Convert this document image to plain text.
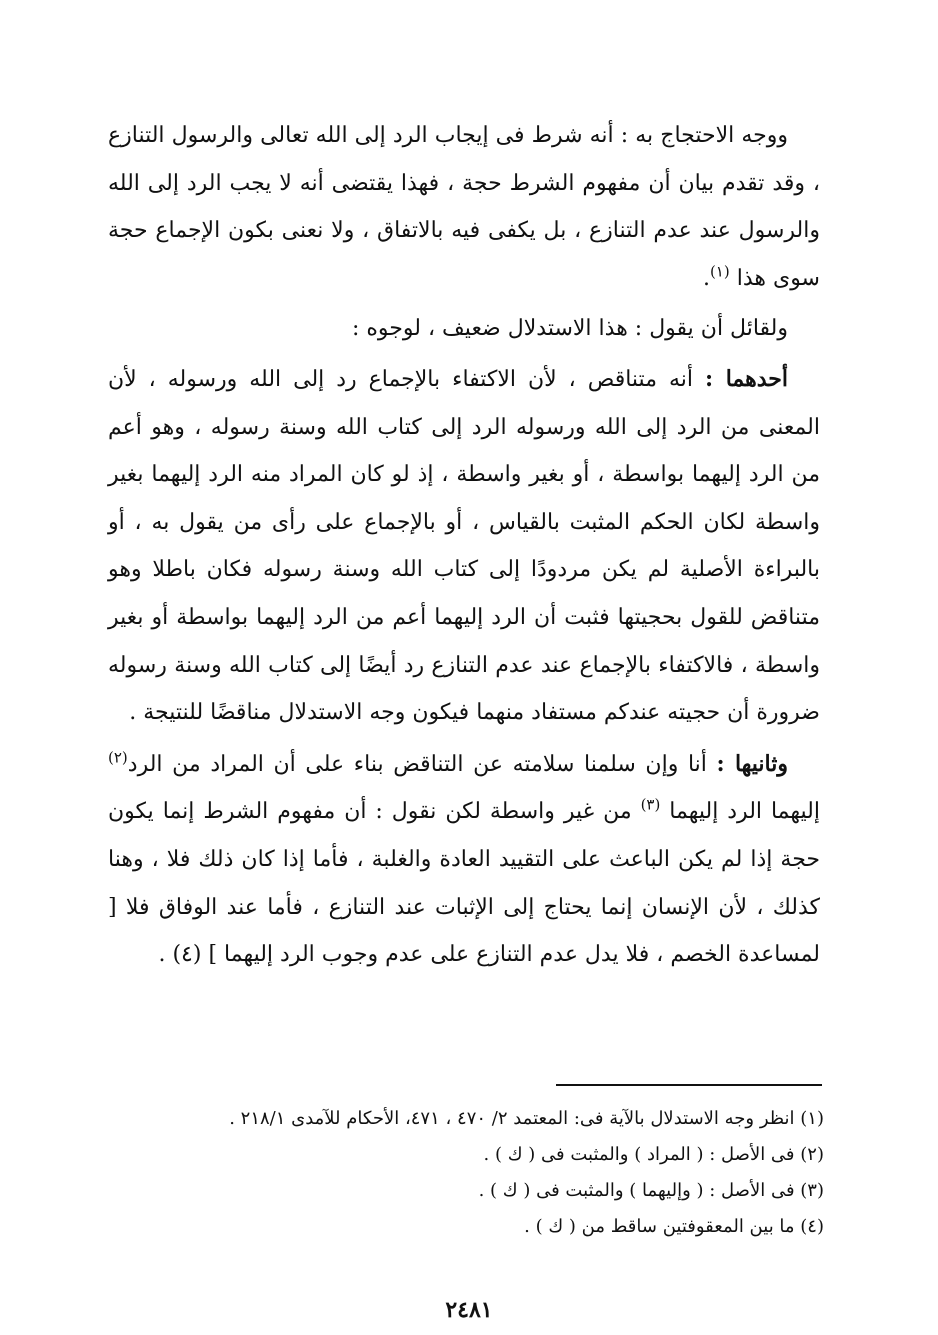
ووجه الاحتجاج به : أنه شرط فى إيجاب الرد إلى الله تعالى والرسول التنازع ، وقد تقدم بيان أن مفهوم الشرط حجة ، فهذا يقتضى أنه لا يجب الرد إلى الله والرسول عند عدم التنازع ، بل يكفى فيه بالاتفاق ، ولا نعنى بكون الإجماع حجة سوى هذا $^{(١)}$.

ولقائل أن يقول : هذا الاستدلال ضعيف ، لوجوه :

أحدهما : أنه متناقص ، لأن الاكتفاء بالإجماع رد إلى الله ورسوله ، لأن المعنى من الرد إلى الله ورسوله الرد إلى كتاب الله وسنة رسوله ، وهو أعم من الرد إليهما بواسطة ، أو بغير واسطة ، إذ لو كان المراد منه الرد إليهما بغير واسطة لكان الحكم المثبت بالقياس ، أو بالإجماع على رأى من يقول به ، أو بالبراءة الأصلية لم يكن مردودًا إلى كتاب الله وسنة رسوله فكان باطلا وهو متناقض للقول بحجيتها فثبت أن الرد إليهما أعم من الرد إليهما بواسطة أو بغير واسطة ، فالاكتفاء بالإجماع عند عدم التنازع رد أيضًا إلى كتاب الله وسنة رسوله ضرورة أن حجيته عندكم مستفاد منهما فيكون وجه الاستدلال مناقضًا للنتيجة .

وثانيها : أنا وإن سلمنا سلامته عن التناقض بناء على أن المراد من الرد$^{(٢)}$ إليهما الرد إليهما $^{(٣)}$ من غير واسطة لكن نقول : أن مفهوم الشرط إنما يكون حجة إذا لم يكن الباعث على التقييد العادة والغلبة ، فأما إذا كان ذلك فلا ، وهنا كذلك ، لأن الإنسان إنما يحتاج إلى الإثبات عند التنازع ، فأما عند الوفاق فلا [ لمساعدة الخصم ، فلا يدل عدم التنازع على عدم وجوب الرد إليهما ] (٤) .

(١) انظر وجه الاستدلال بالآية فى: المعتمد ٢/ ٤٧٠ ، ٤٧١، الأحكام للآمدى ٢١٨/١ .

(٢) فى الأصل : ( المراد ) والمثبت فى ( ك ) .

(٣) فى الأصل : ( وإليهما ) والمثبت فى ( ك ) .

(٤) ما بين المعقوفتين ساقط من ( ك ) .

٢٤٨١
